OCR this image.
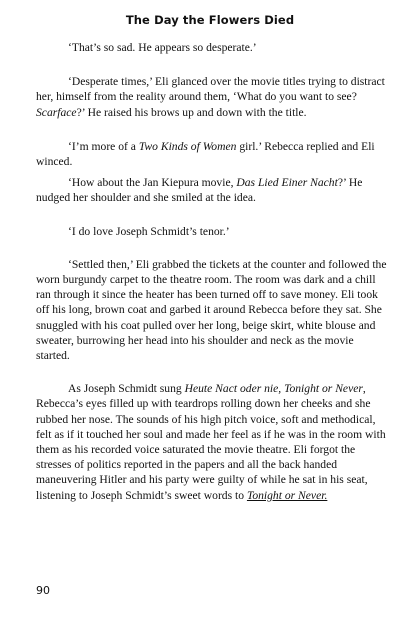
The Day the Flowers Died

‘That’s so sad. He appears so desperate.’

‘Desperate times,’ Eli glanced over the movie titles trying to distract her, himself from the reality around them, ‘What do you want to see? Scarface?’ He raised his brows up and down with the title.

‘I’m more of a Two Kinds of Women girl.’ Rebecca replied and Eli winced.

‘How about the Jan Kiepura movie, Das Lied Einer Nacht?’ He nudged her shoulder and she smiled at the idea.

‘I do love Joseph Schmidt’s tenor.’

‘Settled then,’ Eli grabbed the tickets at the counter and followed the worn burgundy carpet to the theatre room. The room was dark and a chill ran through it since the heater has been turned off to save money. Eli took off his long, brown coat and garbed it around Rebecca before they sat. She snuggled with his coat pulled over her long, beige skirt, white blouse and sweater, burrowing her head into his shoulder and neck as the movie started.

As Joseph Schmidt sung Heute Nact oder nie, Tonight or Never, Rebecca’s eyes filled up with teardrops rolling down her cheeks and she rubbed her nose. The sounds of his high pitch voice, soft and methodical, felt as if it touched her soul and made her feel as if he was in the room with them as his recorded voice saturated the movie theatre. Eli forgot the stresses of politics reported in the papers and all the back handed maneuvering Hitler and his party were guilty of while he sat in his seat, listening to Joseph Schmidt’s sweet words to Tonight or Never.

90
